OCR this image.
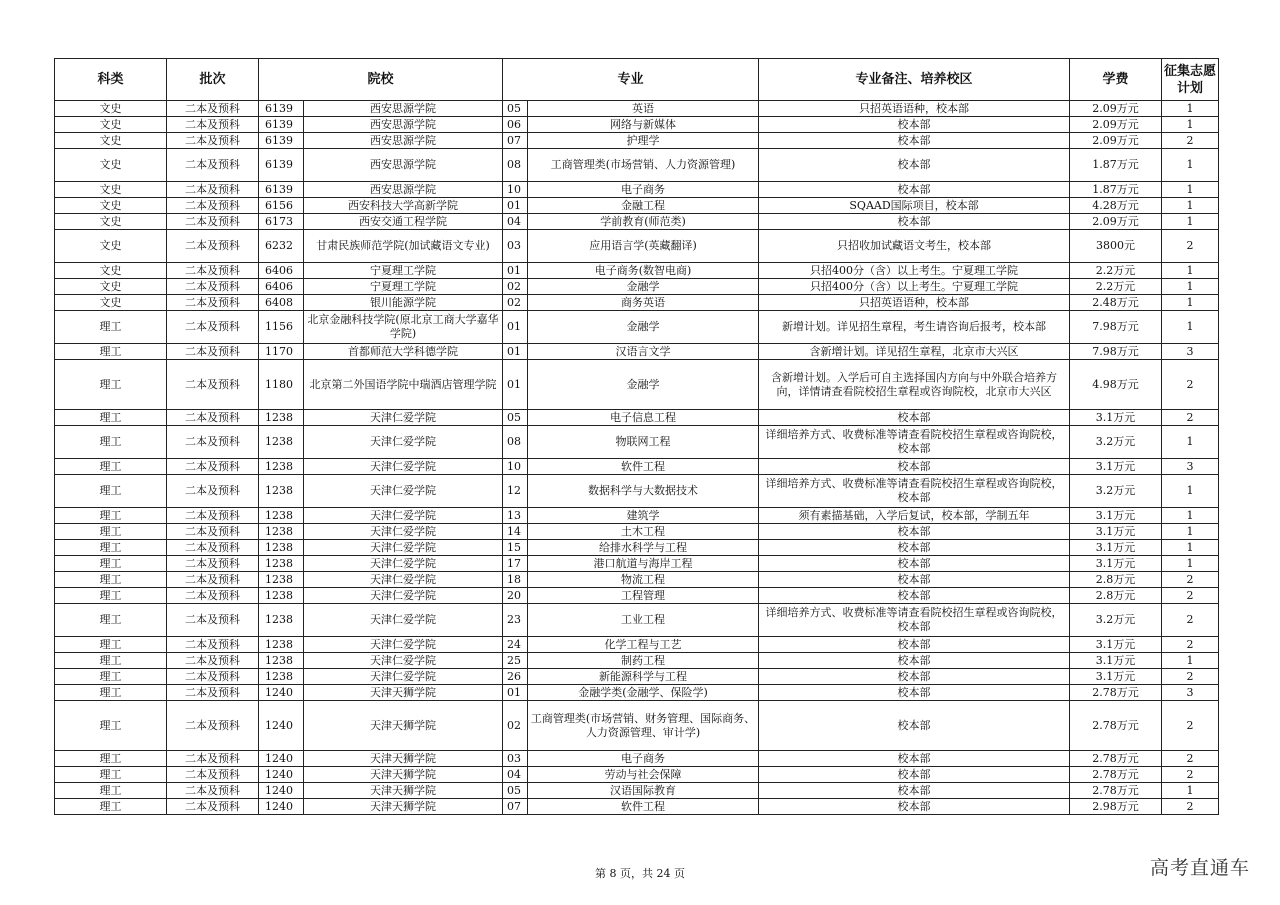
科类	批次	院校		专业		专业备注、培养校区	学费	征集志愿计划
文史	二本及预科	6139	西安思源学院	05	英语	只招英语语种，校本部	2.09万元	1
文史	二本及预科	6139	西安思源学院	06	网络与新媒体	校本部	2.09万元	1
文史	二本及预科	6139	西安思源学院	07	护理学	校本部	2.09万元	2
文史	二本及预科	6139	西安思源学院	08	工商管理类(市场营销、人力资源管理)	校本部	1.87万元	1
文史	二本及预科	6139	西安思源学院	10	电子商务	校本部	1.87万元	1
文史	二本及预科	6156	西安科技大学高新学院	01	金融工程	SQAAD国际项目，校本部	4.28万元	1
文史	二本及预科	6173	西安交通工程学院	04	学前教育(师范类)	校本部	2.09万元	1
文史	二本及预科	6232	甘肃民族师范学院(加试藏语文专业)	03	应用语言学(英藏翻译)	只招收加试藏语文考生，校本部	3800元	2
文史	二本及预科	6406	宁夏理工学院	01	电子商务(数智电商)	只招400分（含）以上考生。宁夏理工学院	2.2万元	1
文史	二本及预科	6406	宁夏理工学院	02	金融学	只招400分（含）以上考生。宁夏理工学院	2.2万元	1
文史	二本及预科	6408	银川能源学院	02	商务英语	只招英语语种，校本部	2.48万元	1
理工	二本及预科	1156	北京金融科技学院(原北京工商大学嘉华学院)	01	金融学	新增计划。详见招生章程，考生请咨询后报考，校本部	7.98万元	1
理工	二本及预科	1170	首都师范大学科德学院	01	汉语言文学	含新增计划。详见招生章程，北京市大兴区	7.98万元	3
理工	二本及预科	1180	北京第二外国语学院中瑞酒店管理学院	01	金融学	含新增计划。入学后可自主选择国内方向与中外联合培养方向，详情请查看院校招生章程或咨询院校，北京市大兴区	4.98万元	2
理工	二本及预科	1238	天津仁爱学院	05	电子信息工程	校本部	3.1万元	2
理工	二本及预科	1238	天津仁爱学院	08	物联网工程	详细培养方式、收费标准等请查看院校招生章程或咨询院校，校本部	3.2万元	1
理工	二本及预科	1238	天津仁爱学院	10	软件工程	校本部	3.1万元	3
理工	二本及预科	1238	天津仁爱学院	12	数据科学与大数据技术	详细培养方式、收费标准等请查看院校招生章程或咨询院校，校本部	3.2万元	1
理工	二本及预科	1238	天津仁爱学院	13	建筑学	须有素描基础，入学后复试，校本部，学制五年	3.1万元	1
理工	二本及预科	1238	天津仁爱学院	14	土木工程	校本部	3.1万元	1
理工	二本及预科	1238	天津仁爱学院	15	给排水科学与工程	校本部	3.1万元	1
理工	二本及预科	1238	天津仁爱学院	17	港口航道与海岸工程	校本部	3.1万元	1
理工	二本及预科	1238	天津仁爱学院	18	物流工程	校本部	2.8万元	2
理工	二本及预科	1238	天津仁爱学院	20	工程管理	校本部	2.8万元	2
理工	二本及预科	1238	天津仁爱学院	23	工业工程	详细培养方式、收费标准等请查看院校招生章程或咨询院校，校本部	3.2万元	2
理工	二本及预科	1238	天津仁爱学院	24	化学工程与工艺	校本部	3.1万元	2
理工	二本及预科	1238	天津仁爱学院	25	制药工程	校本部	3.1万元	1
理工	二本及预科	1238	天津仁爱学院	26	新能源科学与工程	校本部	3.1万元	2
理工	二本及预科	1240	天津天狮学院	01	金融学类(金融学、保险学)	校本部	2.78万元	3
理工	二本及预科	1240	天津天狮学院	02	工商管理类(市场营销、财务管理、国际商务、人力资源管理、审计学)	校本部	2.78万元	2
理工	二本及预科	1240	天津天狮学院	03	电子商务	校本部	2.78万元	2
理工	二本及预科	1240	天津天狮学院	04	劳动与社会保障	校本部	2.78万元	2
理工	二本及预科	1240	天津天狮学院	05	汉语国际教育	校本部	2.78万元	1
理工	二本及预科	1240	天津天狮学院	07	软件工程	校本部	2.98万元	2
第 8 页，共 24 页	高考直通车
